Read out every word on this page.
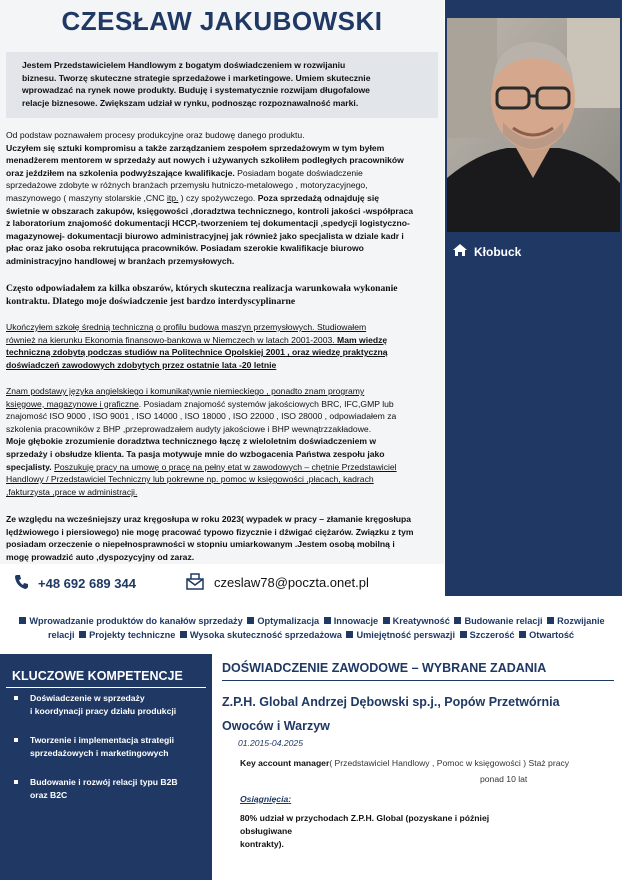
CZESŁAW JAKUBOWSKI

Jestem Przedstawicielem Handlowym z bogatym doświadczeniem w rozwijaniu

biznesu. Tworzę skuteczne strategie sprzedażowe i marketingowe. Umiem skutecznie

wprowadzać na rynek nowe produkty. Buduję i systematycznie rozwijam długofalowe

relacje biznesowe. Zwiększam udział w rynku, podnosząc rozpoznawalność marki.

Od podstaw poznawałem procesy produkcyjne oraz budowę danego produktu.

Uczyłem się sztuki kompromisu a także zarządzaniem zespołem sprzedażowym w tym byłem

menadżerem mentorem w sprzedaży aut nowych i używanych szkoliłem podległych pracowników

oraz jeździłem na szkolenia podwyższające kwalifikacje. Posiadam bogate doświadczenie

sprzedażowe zdobyte w różnych branżach przemysłu hutniczo-metalowego , motoryzacyjnego,

maszynowego ( maszyny stolarskie ,CNC itp. ) czy spożywczego. Poza sprzedażą odnajduję się

świetnie w obszarach zakupów, księgowości ,doradztwa technicznego, kontroli jakości -współpraca

z laboratorium znajomość dokumentacji HCCP,-tworzeniem tej dokumentacji ,spedycji logistyczno-

magazynowej- dokumentacji biurowo administracyjnej jak również jako specjalista w dziale kadr i

płac oraz jako osoba rekrutująca pracowników. Posiadam szerokie kwalifikacje biurowo

administracyjno handlowej w branżach przemysłowych.

Często odpowiadałem za kilka obszarów, których skuteczna realizacja warunkowała wykonanie
kontraktu. Dlatego moje doświadczenie jest bardzo interdyscyplinarne

Ukończyłem szkołę średnią techniczną o profilu budowa maszyn przemysłowych. Studiowałem

również na kierunku Ekonomia finansowo-bankowa w Niemczech w latach 2001-2003. Mam wiedzę

techniczną zdobytą podczas studiów na Politechnice Opolskiej 2001 , oraz wiedzę praktyczną

doświadczeń zawodowych zdobytych przez ostatnie lata -20 letnie

Znam podstawy języka angielskiego i komunikatywnie niemieckiego , ponadto znam programy

księgowe, magazynowe i graficzne. Posiadam znajomość systemów jakościowych BRC, IFC,GMP lub

znajomość ISO 9000 , ISO 9001 , ISO 14000 , ISO 18000 , ISO 22000 , ISO 28000 , odpowiadałem za

szkolenia pracowników z BHP ,przeprowadzałem audyty jakościowe i BHP wewnątrzzakładowe.

Moje głębokie zrozumienie doradztwa technicznego łączę z wieloletnim doświadczeniem w

sprzedaży i obsłudze klienta. Ta pasja motywuje mnie do wzbogacenia Państwa zespołu jako

specjalisty. Poszukuję pracy na umowę o pracę na pełny etat w zawodowych – chętnie Przedstawiciel

Handlowy / Przedstawiciel Techniczny lub pokrewne np. pomoc w księgowości ,płacach, kadrach

,fakturzysta ,prace w administracji.

Ze względu na wcześniejszy uraz kręgosłupa w roku 2023( wypadek w pracy – złamanie kręgosłupa

lędźwiowego i piersiowego) nie mogę pracować typowo fizycznie i dźwigać ciężarów. Związku z tym

posiadam orzeczenie o niepełnosprawności w stopniu umiarkowanym .Jestem osobą mobilną i

mogę prowadzić auto ,dyspozycyjny od zaraz.

Kłobuck
+48 692 689 344	czeslaw78@poczta.onet.pl
Wprowadzanie produktów do kanałów sprzedaży Optymalizacja Innowacje Kreatywność Budowanie relacji Rozwijanie
relacji Projekty techniczne Wysoka skuteczność sprzedażowa Umiejętność perswazji Szczerość Otwartość
KLUCZOWE KOMPETENCJE
Doświadczenie w sprzedaży
i koordynacji pracy działu produkcji
Tworzenie i implementacja strategii
sprzedażowych i marketingowych
Budowanie i rozwój relacji typu B2B
oraz B2C
DOŚWIADCZENIE ZAWODOWE – WYBRANE ZADANIA
Z.P.H. Global Andrzej Dębowski sp.j., Popów Przetwórnia
Owoców i Warzyw
01.2015-04.2025
Key account manager( Przedstawiciel Handlowy , Pomoc w księgowości ) Staż pracy
ponad 10 lat
Osiągnięcia:
80% udział w przychodach Z.P.H. Global (pozyskane i później obsługiwane
kontrakty).
